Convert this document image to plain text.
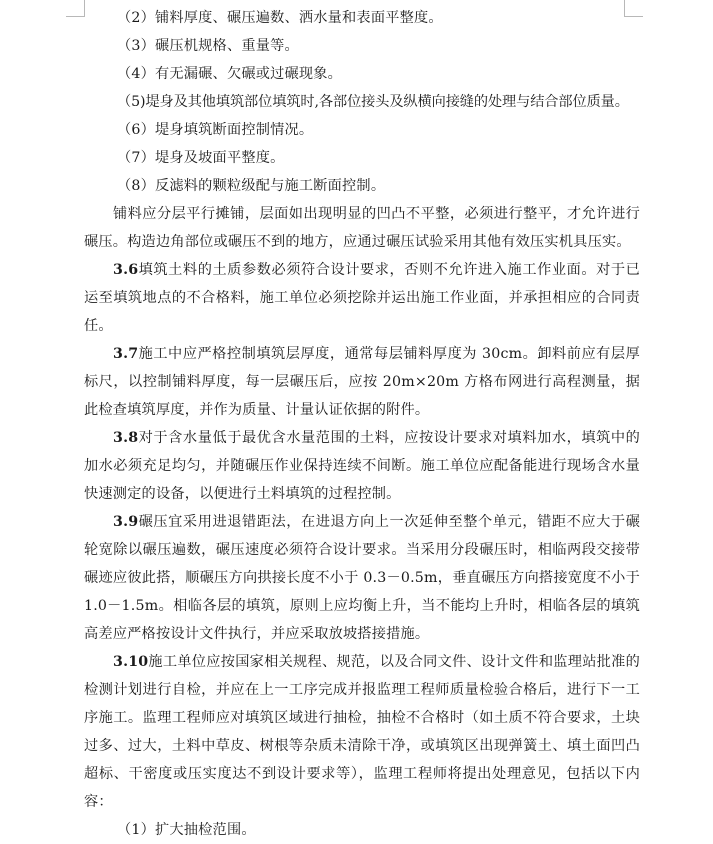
（2）铺料厚度、碾压遍数、洒水量和表面平整度。

（3）碾压机规格、重量等。

（4）有无漏碾、欠碾或过碾现象。

（5)堤身及其他填筑部位填筑时,各部位接头及纵横向接缝的处理与结合部位质量。

（6）堤身填筑断面控制情况。

（7）堤身及坡面平整度。

（8）反滤料的颗粒级配与施工断面控制。

铺料应分层平行摊铺，层面如出现明显的凹凸不平整，必须进行整平，才允许进行碾压。构造边角部位或碾压不到的地方，应通过碾压试验采用其他有效压实机具压实。

3.6填筑土料的土质参数必须符合设计要求，否则不允许进入施工作业面。对于已运至填筑地点的不合格料，施工单位必须挖除并运出施工作业面，并承担相应的合同责任。

3.7施工中应严格控制填筑层厚度，通常每层铺料厚度为 30cm。卸料前应有层厚标尺，以控制铺料厚度，每一层碾压后，应按 20m×20m 方格布网进行高程测量，据此检查填筑厚度，并作为质量、计量认证依据的附件。

3.8对于含水量低于最优含水量范围的土料，应按设计要求对填料加水，填筑中的加水必须充足均匀，并随碾压作业保持连续不间断。施工单位应配备能进行现场含水量快速测定的设备，以便进行土料填筑的过程控制。

3.9碾压宜采用进退错距法，在进退方向上一次延伸至整个单元，错距不应大于碾轮宽除以碾压遍数，碾压速度必须符合设计要求。当采用分段碾压时，相临两段交接带碾迹应彼此搭，顺碾压方向拱接长度不小于 0.3－0.5m，垂直碾压方向搭接宽度不小于 1.0－1.5m。相临各层的填筑，原则上应均衡上升，当不能均上升时，相临各层的填筑高差应严格按设计文件执行，并应采取放坡搭接措施。

3.10施工单位应按国家相关规程、规范，以及合同文件、设计文件和监理站批准的检测计划进行自检，并应在上一工序完成并报监理工程师质量检验合格后，进行下一工序施工。监理工程师应对填筑区域进行抽检，抽检不合格时（如土质不符合要求，土块过多、过大，土料中草皮、树根等杂质未清除干净，或填筑区出现弹簧土、填土面凹凸超标、干密度或压实度达不到设计要求等），监理工程师将提出处理意见，包括以下内容：

（1）扩大抽检范围。
